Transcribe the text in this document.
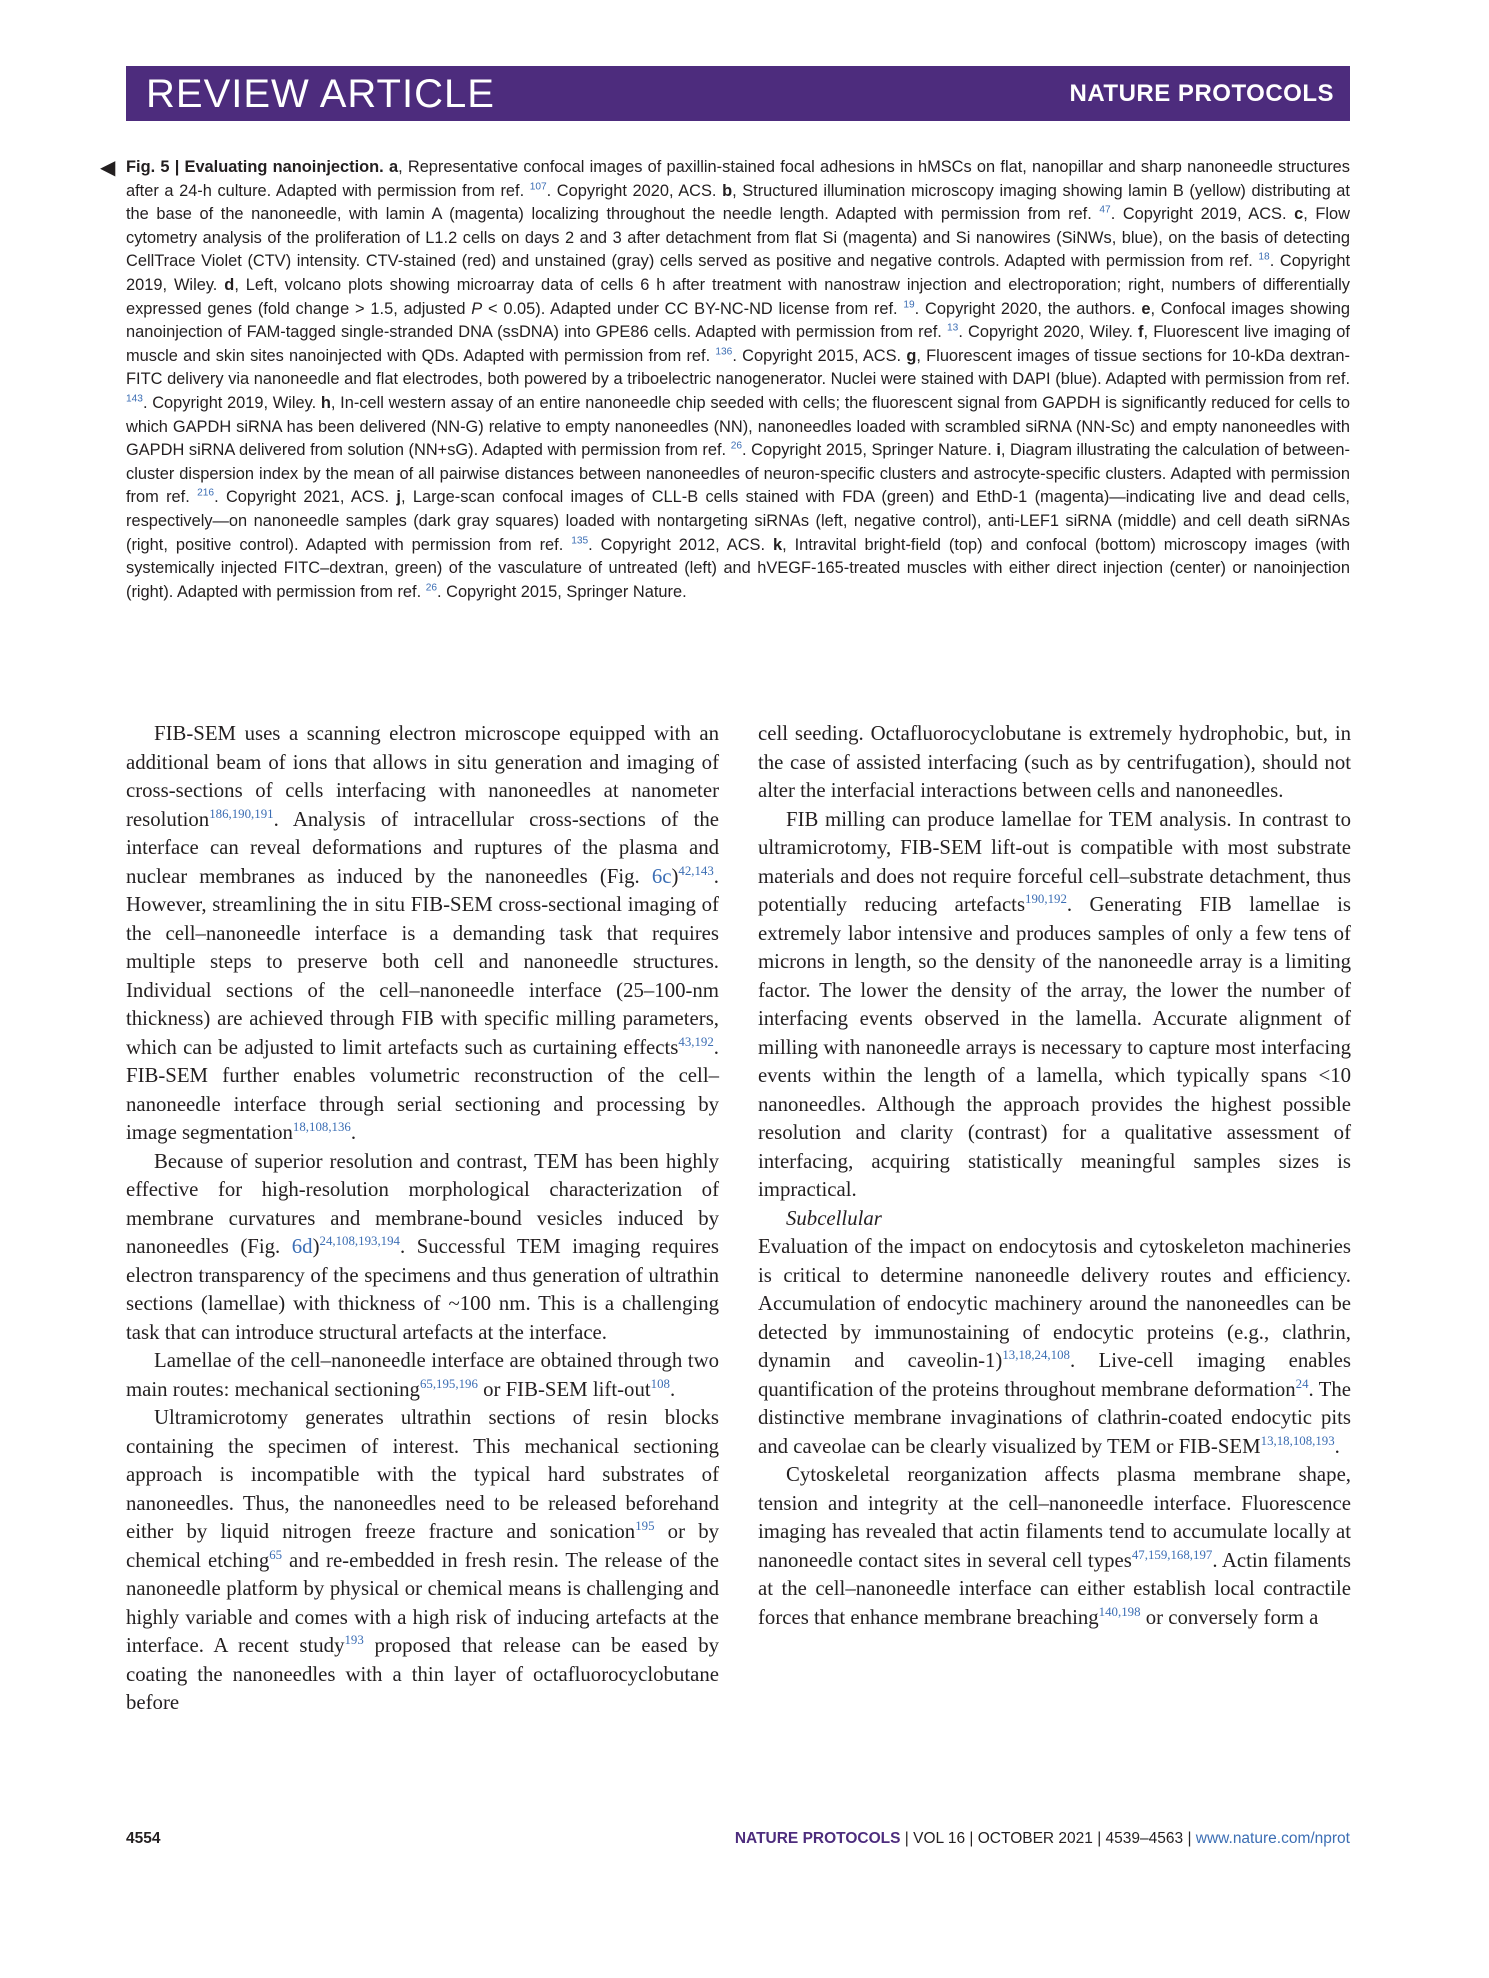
REVIEW ARTICLE	NATURE PROTOCOLS
◀ Fig. 5 | Evaluating nanoinjection. a, Representative confocal images of paxillin-stained focal adhesions in hMSCs on flat, nanopillar and sharp nanoneedle structures after a 24-h culture. Adapted with permission from ref. $^{107}$. Copyright 2020, ACS. b, Structured illumination microscopy imaging showing lamin B (yellow) distributing at the base of the nanoneedle, with lamin A (magenta) localizing throughout the needle length. Adapted with permission from ref. $^{47}$. Copyright 2019, ACS. c, Flow cytometry analysis of the proliferation of L1.2 cells on days 2 and 3 after detachment from flat Si (magenta) and Si nanowires (SiNWs, blue), on the basis of detecting CellTrace Violet (CTV) intensity. CTV-stained (red) and unstained (gray) cells served as positive and negative controls. Adapted with permission from ref. $^{18}$. Copyright 2019, Wiley. d, Left, volcano plots showing microarray data of cells 6 h after treatment with nanostraw injection and electroporation; right, numbers of differentially expressed genes (fold change > 1.5, adjusted P < 0.05). Adapted under CC BY-NC-ND license from ref. $^{19}$. Copyright 2020, the authors. e, Confocal images showing nanoinjection of FAM-tagged single-stranded DNA (ssDNA) into GPE86 cells. Adapted with permission from ref. $^{13}$. Copyright 2020, Wiley. f, Fluorescent live imaging of muscle and skin sites nanoinjected with QDs. Adapted with permission from ref. $^{136}$. Copyright 2015, ACS. g, Fluorescent images of tissue sections for 10-kDa dextran-FITC delivery via nanoneedle and flat electrodes, both powered by a triboelectric nanogenerator. Nuclei were stained with DAPI (blue). Adapted with permission from ref. $^{143}$. Copyright 2019, Wiley. h, In-cell western assay of an entire nanoneedle chip seeded with cells; the fluorescent signal from GAPDH is significantly reduced for cells to which GAPDH siRNA has been delivered (NN-G) relative to empty nanoneedles (NN), nanoneedles loaded with scrambled siRNA (NN-Sc) and empty nanoneedles with GAPDH siRNA delivered from solution (NN+sG). Adapted with permission from ref. $^{26}$. Copyright 2015, Springer Nature. i, Diagram illustrating the calculation of between-cluster dispersion index by the mean of all pairwise distances between nanoneedles of neuron-specific clusters and astrocyte-specific clusters. Adapted with permission from ref. $^{216}$. Copyright 2021, ACS. j, Large-scan confocal images of CLL-B cells stained with FDA (green) and EthD-1 (magenta)—indicating live and dead cells, respectively—on nanoneedle samples (dark gray squares) loaded with nontargeting siRNAs (left, negative control), anti-LEF1 siRNA (middle) and cell death siRNAs (right, positive control). Adapted with permission from ref. $^{135}$. Copyright 2012, ACS. k, Intravital bright-field (top) and confocal (bottom) microscopy images (with systemically injected FITC–dextran, green) of the vasculature of untreated (left) and hVEGF-165-treated muscles with either direct injection (center) or nanoinjection (right). Adapted with permission from ref. $^{26}$. Copyright 2015, Springer Nature.

FIB-SEM uses a scanning electron microscope equipped with an additional beam of ions that allows in situ generation and imaging of cross-sections of cells interfacing with nanoneedles at nanometer resolution$^{186,190,191}$. Analysis of intracellular cross-sections of the interface can reveal deformations and ruptures of the plasma and nuclear membranes as induced by the nanoneedles (Fig. 6c)$^{42,143}$. However, streamlining the in situ FIB-SEM cross-sectional imaging of the cell–nanoneedle interface is a demanding task that requires multiple steps to preserve both cell and nanoneedle structures. Individual sections of the cell–nanoneedle interface (25–100-nm thickness) are achieved through FIB with specific milling parameters, which can be adjusted to limit artefacts such as curtaining effects$^{43,192}$. FIB-SEM further enables volumetric reconstruction of the cell–nanoneedle interface through serial sectioning and processing by image segmentation$^{18,108,136}$.

Because of superior resolution and contrast, TEM has been highly effective for high-resolution morphological characterization of membrane curvatures and membrane-bound vesicles induced by nanoneedles (Fig. 6d)$^{24,108,193,194}$. Successful TEM imaging requires electron transparency of the specimens and thus generation of ultrathin sections (lamellae) with thickness of ~100 nm. This is a challenging task that can introduce structural artefacts at the interface.

Lamellae of the cell–nanoneedle interface are obtained through two main routes: mechanical sectioning$^{65,195,196}$ or FIB-SEM lift-out$^{108}$.

Ultramicrotomy generates ultrathin sections of resin blocks containing the specimen of interest. This mechanical sectioning approach is incompatible with the typical hard substrates of nanoneedles. Thus, the nanoneedles need to be released beforehand either by liquid nitrogen freeze fracture and sonication$^{195}$ or by chemical etching$^{65}$ and re-embedded in fresh resin. The release of the nanoneedle platform by physical or chemical means is challenging and highly variable and comes with a high risk of inducing artefacts at the interface. A recent study$^{193}$ proposed that release can be eased by coating the nanoneedles with a thin layer of octafluorocyclobutane before

cell seeding. Octafluorocyclobutane is extremely hydrophobic, but, in the case of assisted interfacing (such as by centrifugation), should not alter the interfacial interactions between cells and nanoneedles.

FIB milling can produce lamellae for TEM analysis. In contrast to ultramicrotomy, FIB-SEM lift-out is compatible with most substrate materials and does not require forceful cell–substrate detachment, thus potentially reducing artefacts$^{190,192}$. Generating FIB lamellae is extremely labor intensive and produces samples of only a few tens of microns in length, so the density of the nanoneedle array is a limiting factor. The lower the density of the array, the lower the number of interfacing events observed in the lamella. Accurate alignment of milling with nanoneedle arrays is necessary to capture most interfacing events within the length of a lamella, which typically spans <10 nanoneedles. Although the approach provides the highest possible resolution and clarity (contrast) for a qualitative assessment of interfacing, acquiring statistically meaningful samples sizes is impractical.

Subcellular

Evaluation of the impact on endocytosis and cytoskeleton machineries is critical to determine nanoneedle delivery routes and efficiency. Accumulation of endocytic machinery around the nanoneedles can be detected by immunostaining of endocytic proteins (e.g., clathrin, dynamin and caveolin-1)$^{13,18,24,108}$. Live-cell imaging enables quantification of the proteins throughout membrane deformation$^{24}$. The distinctive membrane invaginations of clathrin-coated endocytic pits and caveolae can be clearly visualized by TEM or FIB-SEM$^{13,18,108,193}$.

Cytoskeletal reorganization affects plasma membrane shape, tension and integrity at the cell–nanoneedle interface. Fluorescence imaging has revealed that actin filaments tend to accumulate locally at nanoneedle contact sites in several cell types$^{47,159,168,197}$. Actin filaments at the cell–nanoneedle interface can either establish local contractile forces that enhance membrane breaching$^{140,198}$ or conversely form a

4554	NATURE PROTOCOLS | VOL 16 | OCTOBER 2021 | 4539–4563 | www.nature.com/nprot
